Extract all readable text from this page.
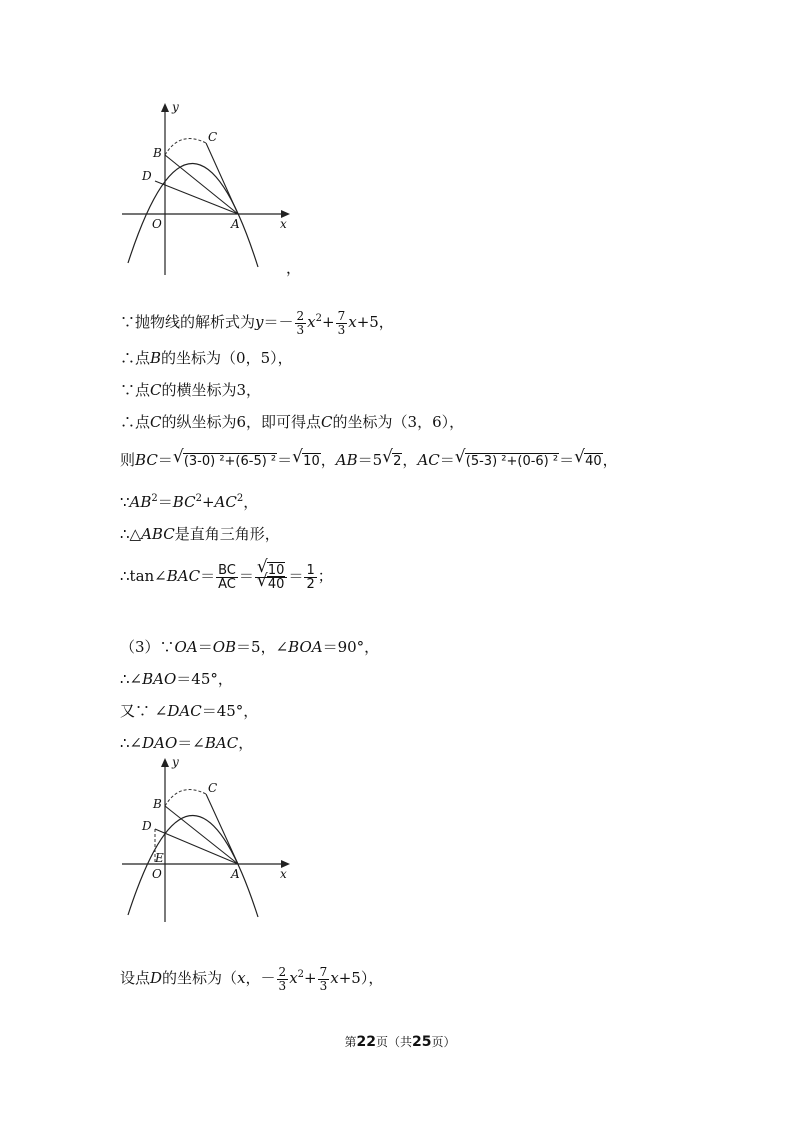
y
x
O	A
B
C
D
，
∵抛物线的解析式为$y=- \frac{2}{3} x^2+ \frac{7}{3} x+5$，
∴点B的坐标为（0，5），
∵点C的横坐标为3，
∴点C的纵坐标为6，即可得点C的坐标为（3，6），
则BC＝ √ (3-0) ²+(6-5) ²＝ √ 10，AB＝5 √ 2，AC＝ √ (5-3) ²+(0-6) ²＝ √ 40，
$\because AB^2=BC^2+AC^2$，
∴△ABC是直角三角形，
∴tan∠BAC＝ $\frac{BC}{AC}$ ＝ √ 10
√ $40 = \frac{1}{2}$ ；
（3）∵OA＝OB＝5，∠BOA＝90°，
∴∠BAO＝45°，
又∵ ∠DAC＝45°，
∴∠DAO＝∠BAC，
y
x
O	A
B
C
D
E
设点D的坐标为（x，－ $\frac{2}{3} x^2+ \frac{7}{3} x+5$），
第22页（共25页）
